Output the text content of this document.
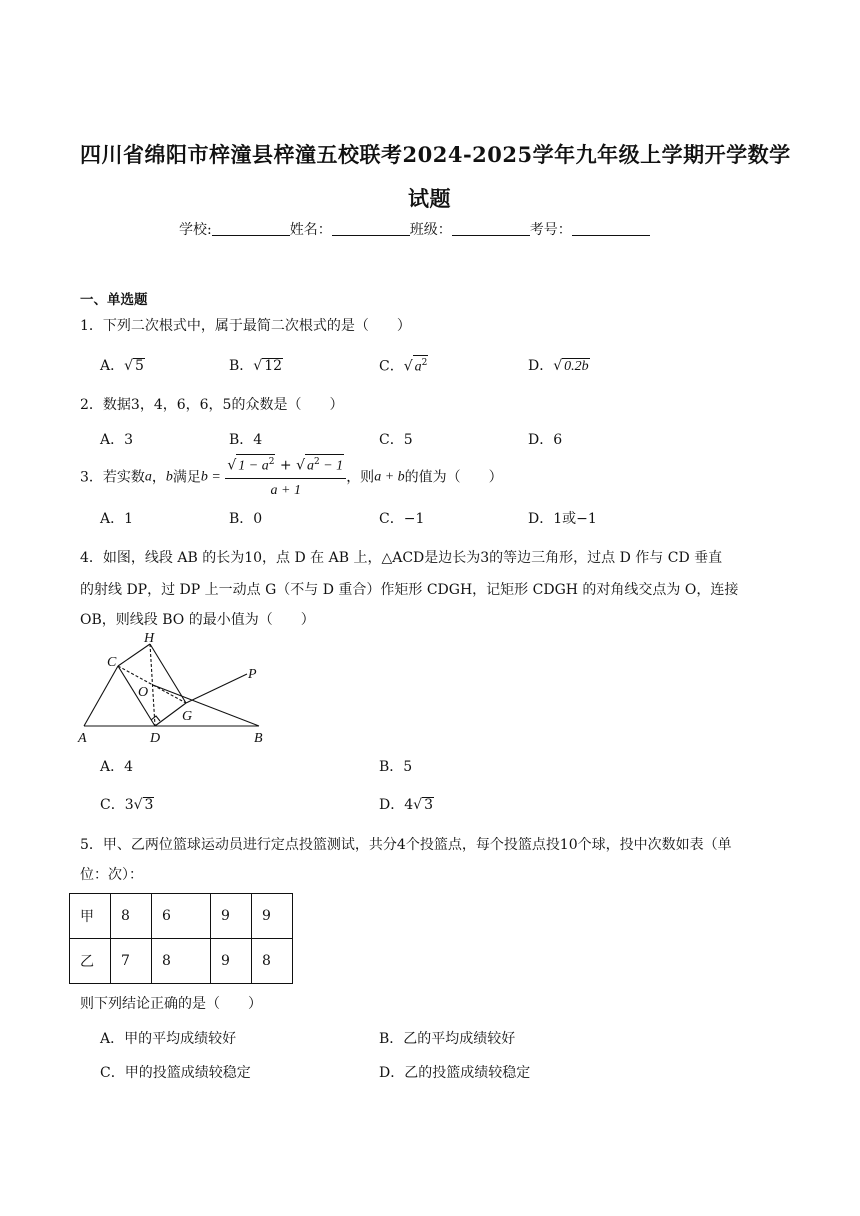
四川省绵阳市梓潼县梓潼五校联考2024-2025学年九年级上学期开学数学
试题
学校:	姓名：	班级：	考号：
一、单选题
1．下列二次根式中，属于最简二次根式的是（　　）
A．√ 5	B．√ 12	C．√ $a^2$	D．√ 0.2b
2．数据3，4，6，6，5的众数是（　　）
A．3	B．4	C．5	D．6
3．若实数a，b满足$b = \frac{√ 1 - a^2 + √ a^2 - 1}{a + 1}$ ，则a + b的值为（　　）
A．1	B．0	C．−1	D．1或−1
4．如图，线段 AB 的长为10，点 D 在 AB 上，△ACD是边长为3的等边三角形，过点 D 作与 CD 垂直
的射线 DP，过 DP 上一动点 G（不与 D 重合）作矩形 CDGH，记矩形 CDGH 的对角线交点为 O，连接
OB，则线段 BO 的最小值为（　　）
H
C
O
P
G
A	D	B
A．4	B．5
C．3√ 3	D．4√ 3
5．甲、乙两位篮球运动员进行定点投篮测试，共分4个投篮点，每个投篮点投10个球，投中次数如表（单
位：次）：
甲	8	6	9	9
乙	7	8	9	8
则下列结论正确的是（　　）
A．甲的平均成绩较好	B．乙的平均成绩较好
C．甲的投篮成绩较稳定	D．乙的投篮成绩较稳定
